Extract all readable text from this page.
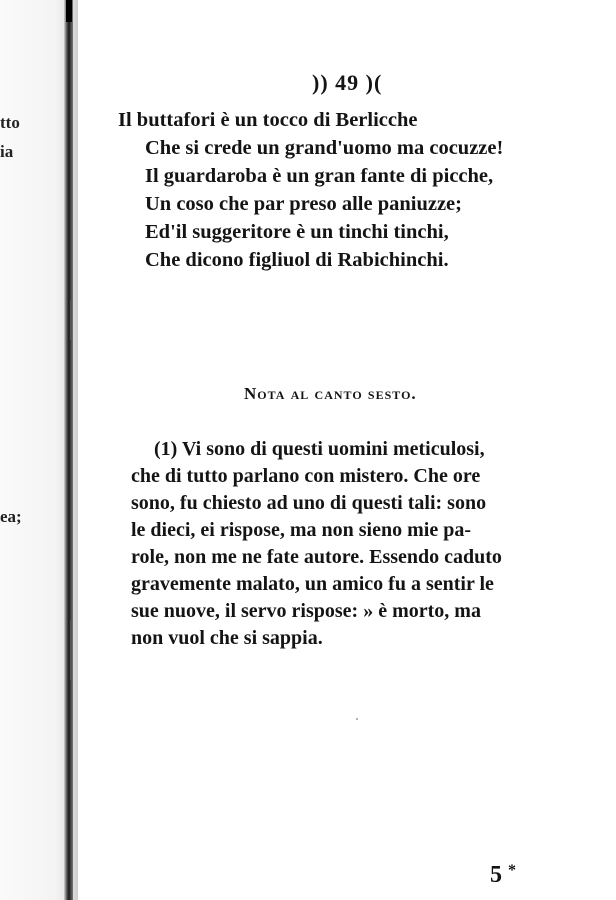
tto
ia
ea;
)) 49 )(
Il buttafori è un tocco di Berlicche
Che si crede un grand'uomo ma cocuzze!
Il guardaroba è un gran fante di picche,
Un coso che par preso alle paniuzze;
Ed'il suggeritore è un tinchi tinchi,
Che dicono figliuol di Rabichinchi.
Nota al canto sesto.
(1) Vi sono di questi uomini meticulosi,
che di tutto parlano con mistero. Che ore
sono, fu chiesto ad uno di questi tali: sono
le dieci, ei rispose, ma non sieno mie pa-
role, non me ne fate autore. Essendo caduto
gravemente malato, un amico fu a sentir le
sue nuove, il servo rispose: » è morto, ma
non vuol che si sappia.
5 *
